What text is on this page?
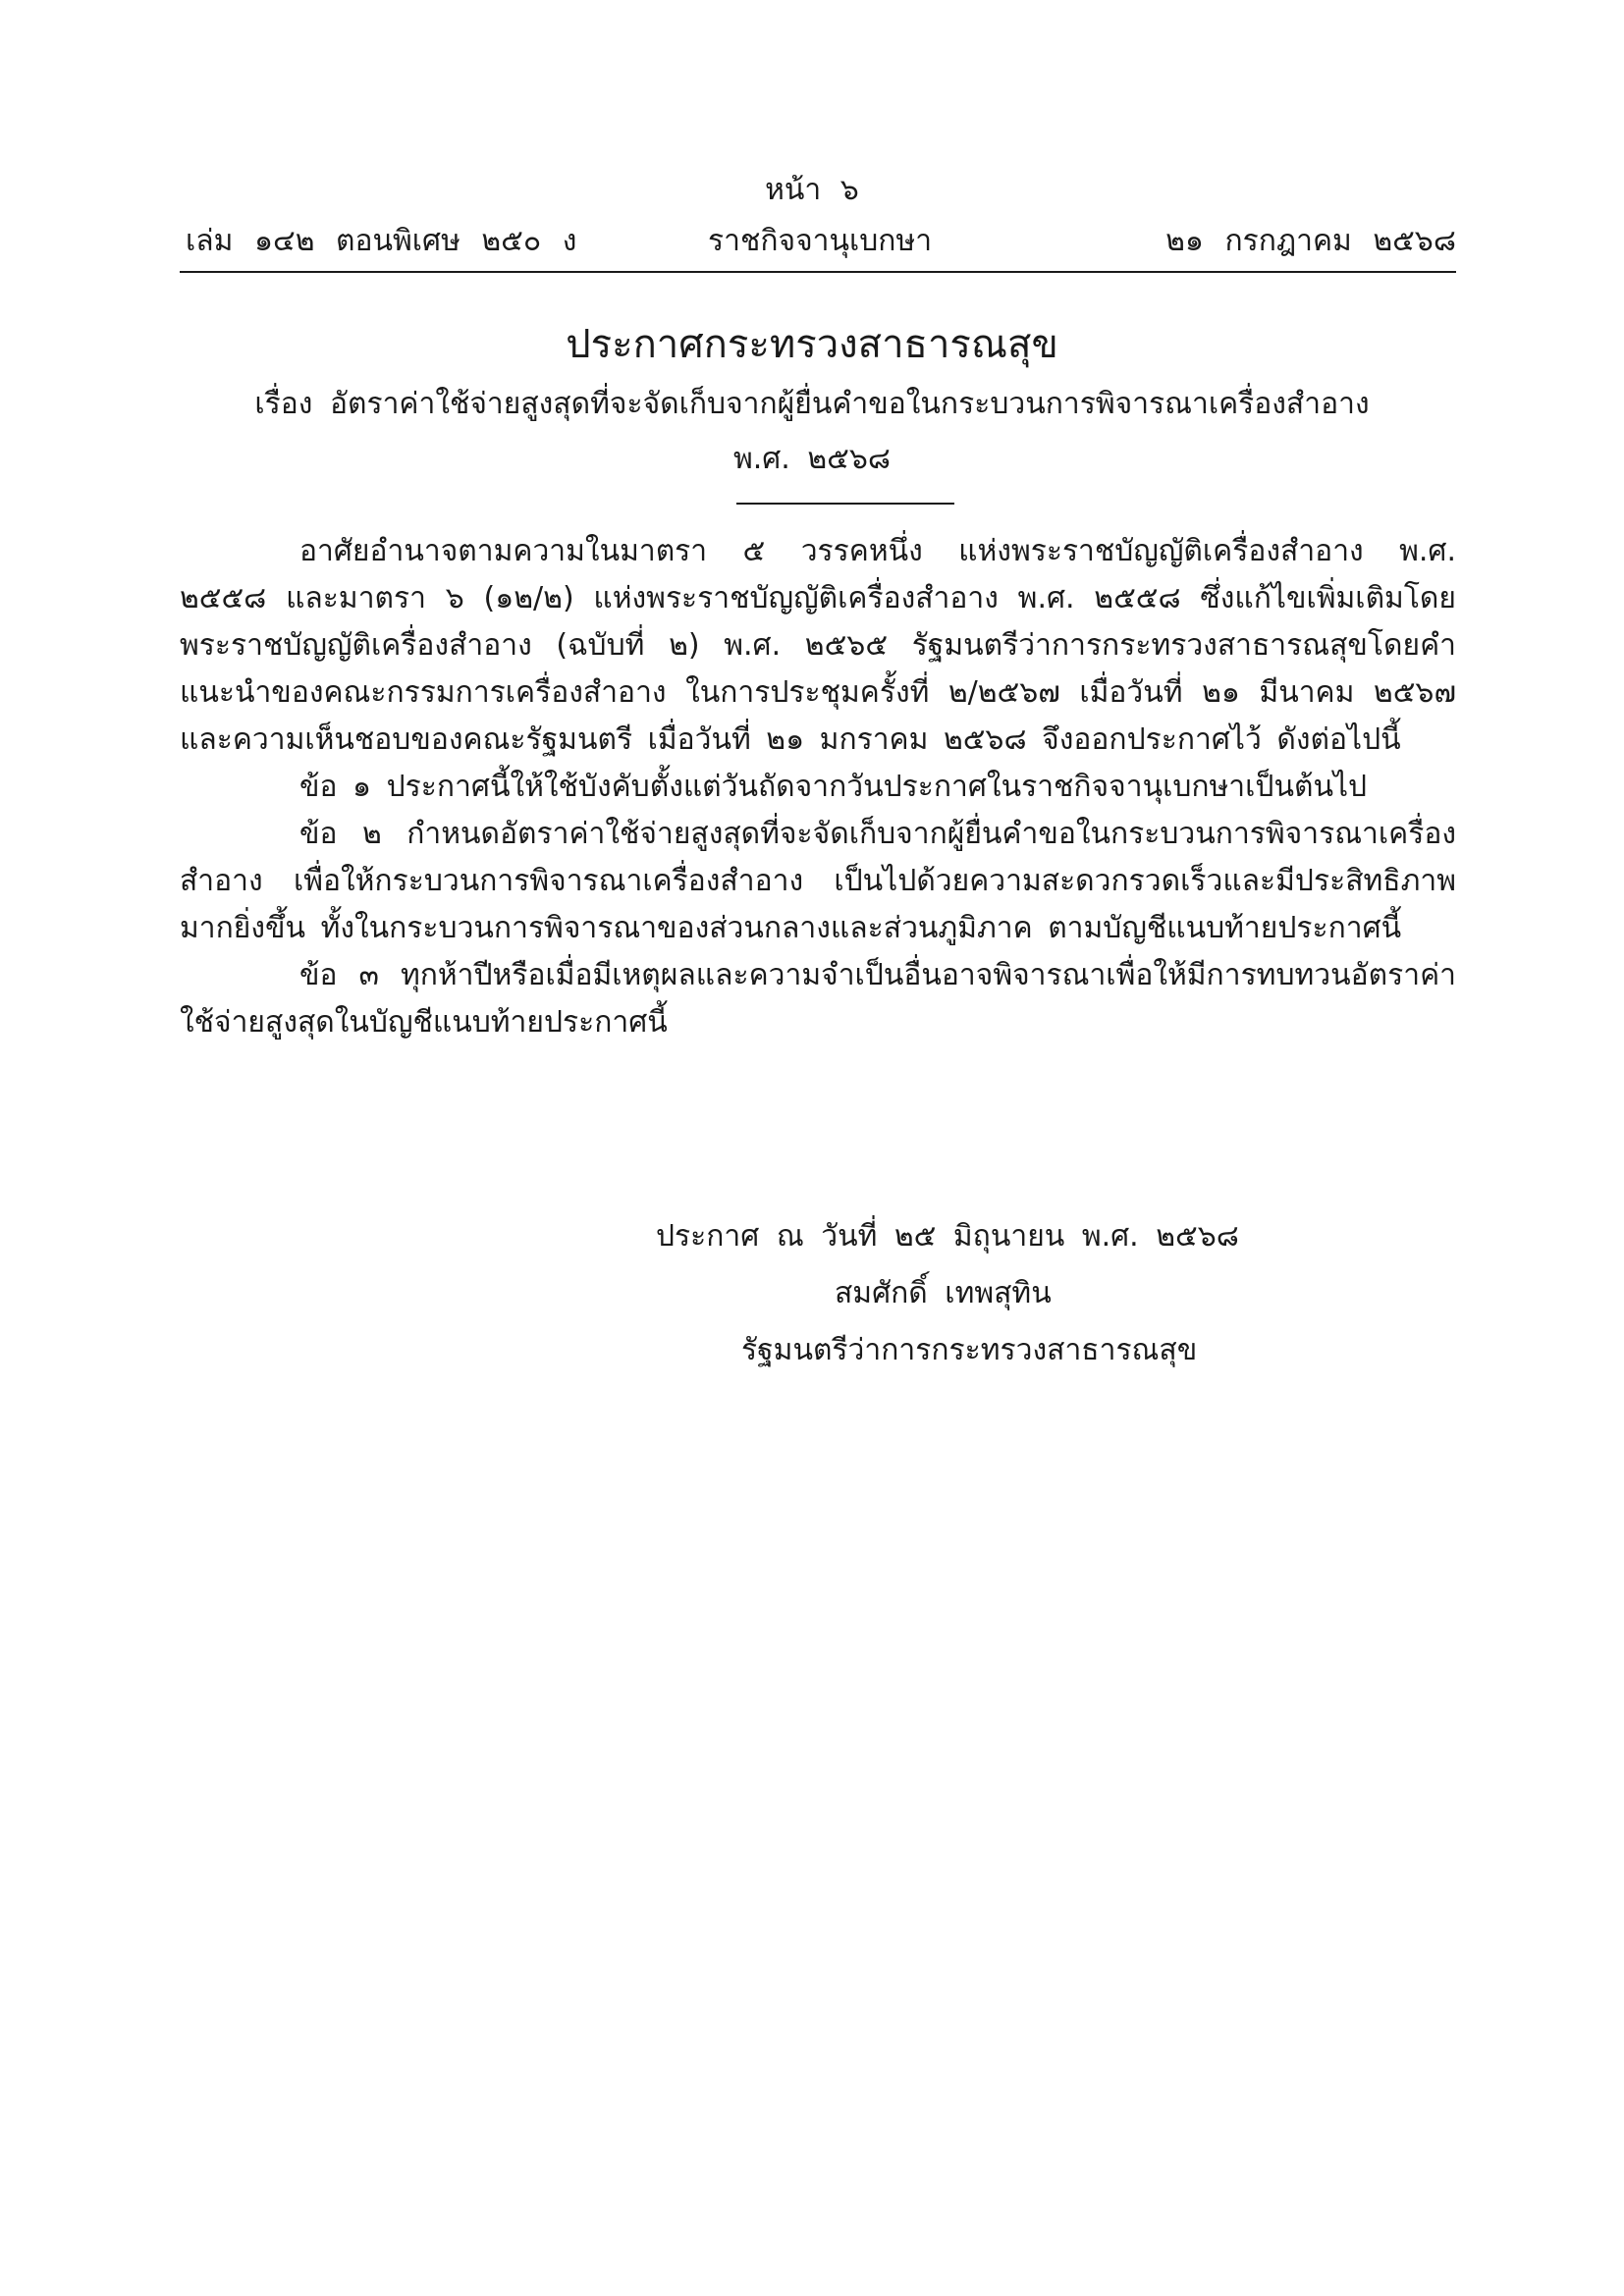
หน้า ๖
เล่ม ๑๔๒ ตอนพิเศษ ๒๕๐ ง	ราชกิจจานุเบกษา	๒๑ กรกฎาคม ๒๕๖๘
ประกาศกระทรวงสาธารณสุข
เรื่อง อัตราค่าใช้จ่ายสูงสุดที่จะจัดเก็บจากผู้ยื่นคำขอในกระบวนการพิจารณาเครื่องสำอาง
พ.ศ. ๒๕๖๘

อาศัยอำนาจตามความในมาตรา ๕ วรรคหนึ่ง แห่งพระราชบัญญัติเครื่องสำอาง พ.ศ. ๒๕๕๘ และมาตรา ๖ (๑๒/๒) แห่งพระราชบัญญัติเครื่องสำอาง พ.ศ. ๒๕๕๘ ซึ่งแก้ไขเพิ่มเติมโดยพระราชบัญญัติเครื่องสำอาง (ฉบับที่ ๒) พ.ศ. ๒๕๖๕ รัฐมนตรีว่าการกระทรวงสาธารณสุขโดยคำแนะนำของคณะกรรมการเครื่องสำอาง ในการประชุมครั้งที่ ๒/๒๕๖๗ เมื่อวันที่ ๒๑ มีนาคม ๒๕๖๗ และความเห็นชอบของคณะรัฐมนตรี เมื่อวันที่ ๒๑ มกราคม ๒๕๖๘ จึงออกประกาศไว้ ดังต่อไปนี้

ข้อ ๑ ประกาศนี้ให้ใช้บังคับตั้งแต่วันถัดจากวันประกาศในราชกิจจานุเบกษาเป็นต้นไป

ข้อ ๒ กำหนดอัตราค่าใช้จ่ายสูงสุดที่จะจัดเก็บจากผู้ยื่นคำขอในกระบวนการพิจารณาเครื่องสำอาง เพื่อให้กระบวนการพิจารณาเครื่องสำอาง เป็นไปด้วยความสะดวกรวดเร็วและมีประสิทธิภาพมากยิ่งขึ้น ทั้งในกระบวนการพิจารณาของส่วนกลางและส่วนภูมิภาค ตามบัญชีแนบท้ายประกาศนี้

ข้อ ๓ ทุกห้าปีหรือเมื่อมีเหตุผลและความจำเป็นอื่นอาจพิจารณาเพื่อให้มีการทบทวนอัตราค่าใช้จ่ายสูงสุดในบัญชีแนบท้ายประกาศนี้

ประกาศ ณ วันที่ ๒๕ มิถุนายน พ.ศ. ๒๕๖๘
สมศักดิ์ เทพสุทิน
รัฐมนตรีว่าการกระทรวงสาธารณสุข
